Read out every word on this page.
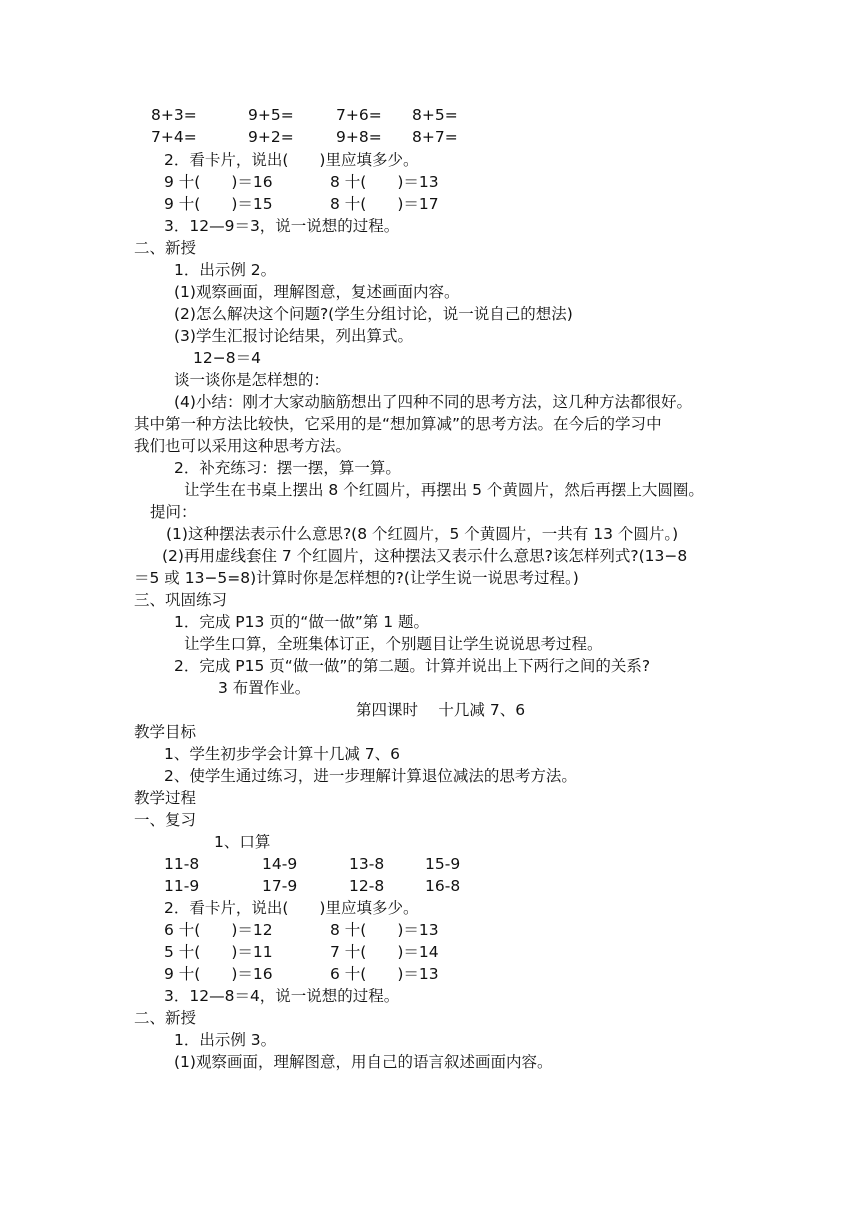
8+3=	9+5=	7+6= 8+5=
7+4=	9+2=	9+8= 8+7=
2．看卡片，说出(　　)里应填多少。
9 十(　　)＝16	8 十(　　)＝13
9 十(　　)＝15	8 十(　　)＝17
3．12—9＝3，说一说想的过程。
二、新授
1．出示例 2。
(1)观察画面，理解图意，复述画面内容。
(2)怎么解决这个问题?(学生分组讨论，说一说自己的想法)
(3)学生汇报讨论结果，列出算式。
12−8＝4
谈一谈你是怎样想的：
(4)小结：刚才大家动脑筋想出了四种不同的思考方法，这几种方法都很好。
其中第一种方法比较快，它采用的是“想加算减”的思考方法。在今后的学习中
我们也可以采用这种思考方法。
2．补充练习：摆一摆，算一算。
让学生在书桌上摆出 8 个红圆片，再摆出 5 个黄圆片，然后再摆上大圆圈。
提问：
(1)这种摆法表示什么意思?(8 个红圆片，5 个黄圆片，一共有 13 个圆片。)
(2)再用虚线套住 7 个红圆片，这种摆法又表示什么意思?该怎样列式?(13−8
＝5 或 13−5=8)计算时你是怎样想的?(让学生说一说思考过程。)
三、巩固练习
1．完成 P13 页的“做一做”第 1 题。
让学生口算，全班集体订正，个别题目让学生说说思考过程。
2．完成 P15 页“做一做”的第二题。计算并说出上下两行之间的关系?
3 布置作业。
第四课时　 十几减 7、6
教学目标
1、学生初步学会计算十几减 7、6
2、使学生通过练习，进一步理解计算退位减法的思考方法。
教学过程
一、复习
1、口算
11-8	14-9	13-8	15-9
11-9	17-9	12-8	16-8
2．看卡片，说出(　　)里应填多少。
6 十(　　)＝12	8 十(　　)＝13
5 十(　　)＝11	7 十(　　)＝14
9 十(　　)＝16	6 十(　　)＝13
3．12—8＝4，说一说想的过程。
二、新授
1．出示例 3。
(1)观察画面，理解图意，用自己的语言叙述画面内容。
